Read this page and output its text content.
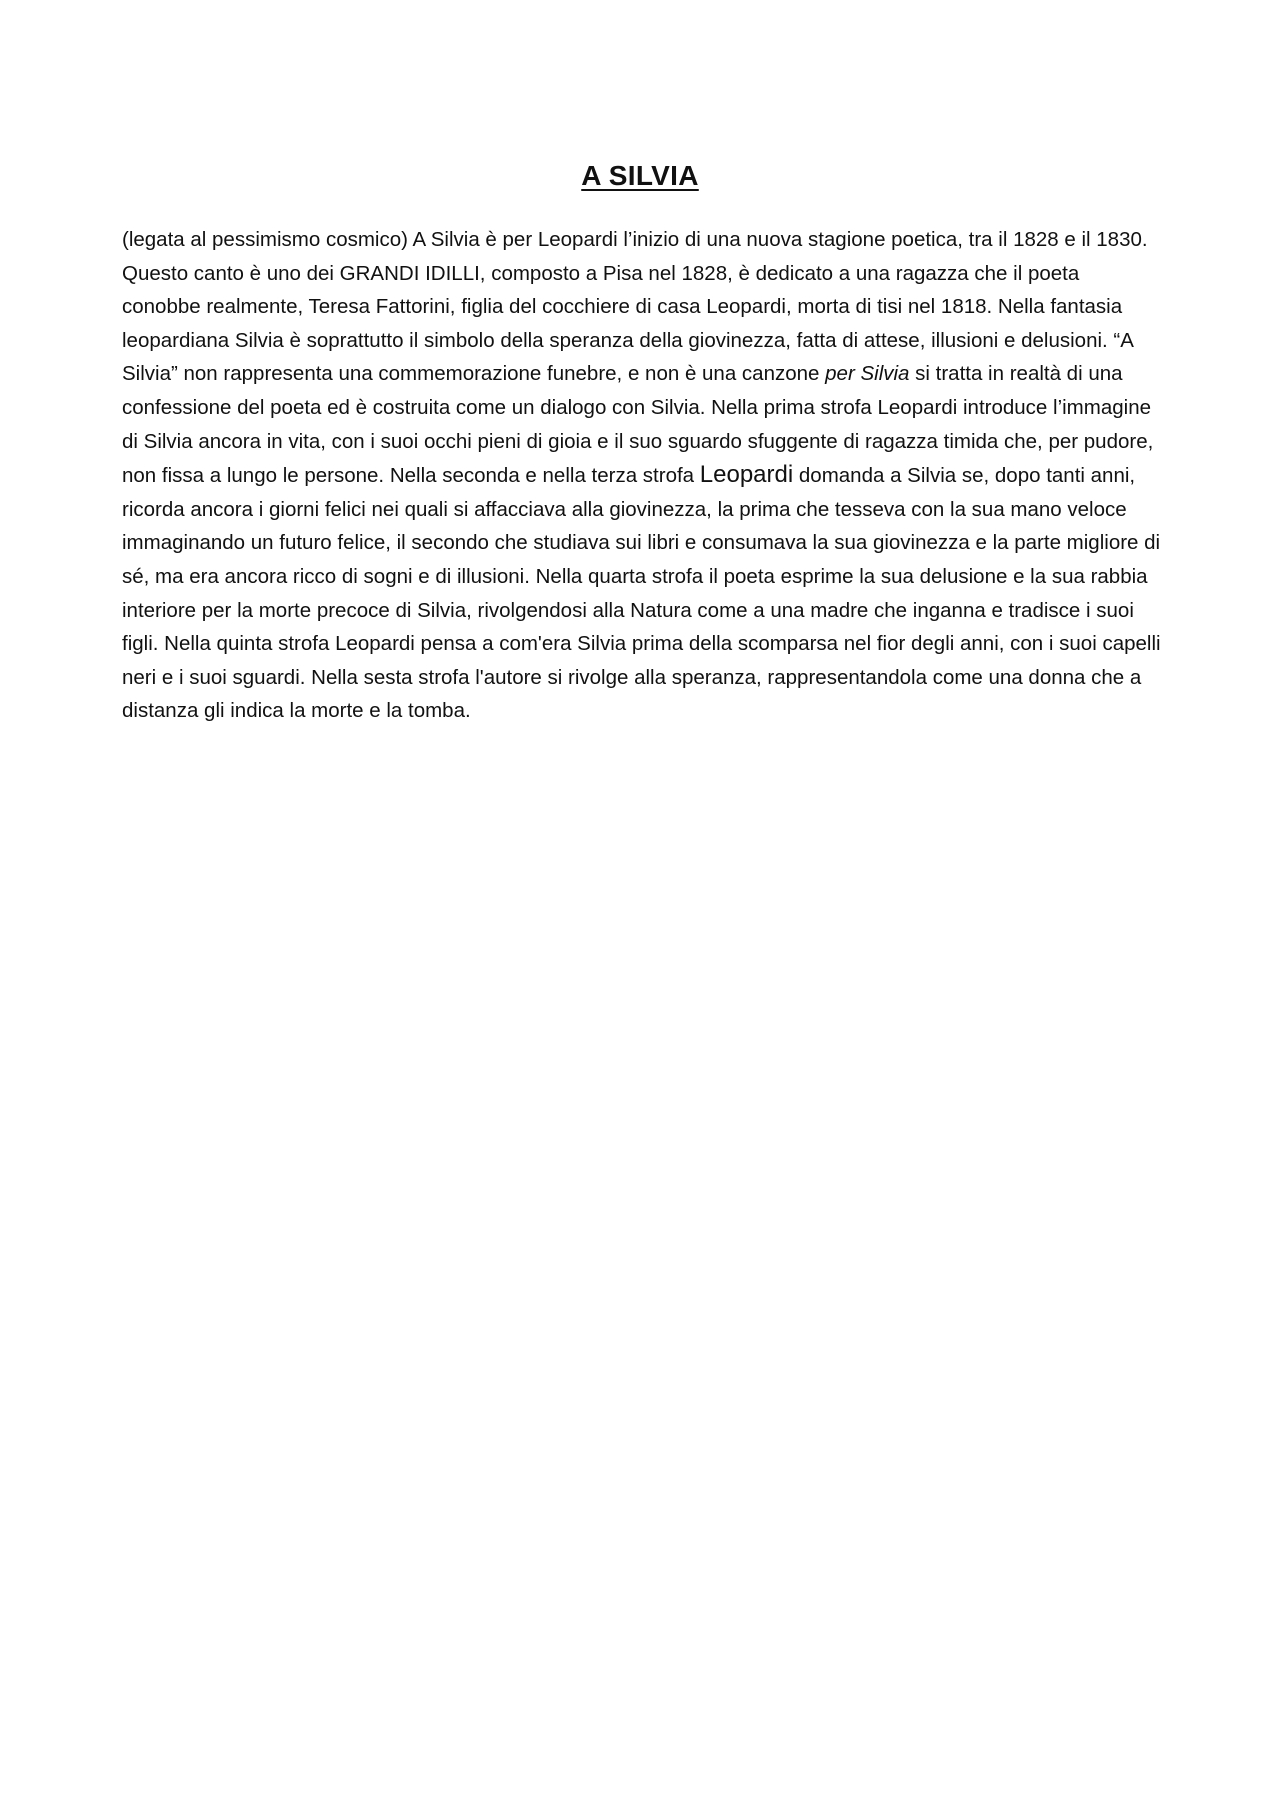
A SILVIA

(legata al pessimismo cosmico) A Silvia è per Leopardi l’inizio di una nuova stagione poetica, tra il 1828 e il 1830. Questo canto è uno dei GRANDI IDILLI, composto a Pisa nel 1828, è dedicato a una ragazza che il poeta conobbe realmente, Teresa Fattorini, figlia del cocchiere di casa Leopardi, morta di tisi nel 1818. Nella fantasia leopardiana Silvia è soprattutto il simbolo della speranza della giovinezza, fatta di attese, illusioni e delusioni. “A Silvia” non rappresenta una commemorazione funebre, e non è una canzone per Silvia si tratta in realtà di una confessione del poeta ed è costruita come un dialogo con Silvia. Nella prima strofa Leopardi introduce l’immagine di Silvia ancora in vita, con i suoi occhi pieni di gioia e il suo sguardo sfuggente di ragazza timida che, per pudore, non fissa a lungo le persone. Nella seconda e nella terza strofa Leopardi domanda a Silvia se, dopo tanti anni, ricorda ancora i giorni felici nei quali si affacciava alla giovinezza, la prima che tesseva con la sua mano veloce immaginando un futuro felice, il secondo che studiava sui libri e consumava la sua giovinezza e la parte migliore di sé, ma era ancora ricco di sogni e di illusioni. Nella quarta strofa il poeta esprime la sua delusione e la sua rabbia interiore per la morte precoce di Silvia, rivolgendosi alla Natura come a una madre che inganna e tradisce i suoi figli. Nella quinta strofa Leopardi pensa a com'era Silvia prima della scomparsa nel fior degli anni, con i suoi capelli neri e i suoi sguardi. Nella sesta strofa l'autore si rivolge alla speranza, rappresentandola come una donna che a distanza gli indica la morte e la tomba.
